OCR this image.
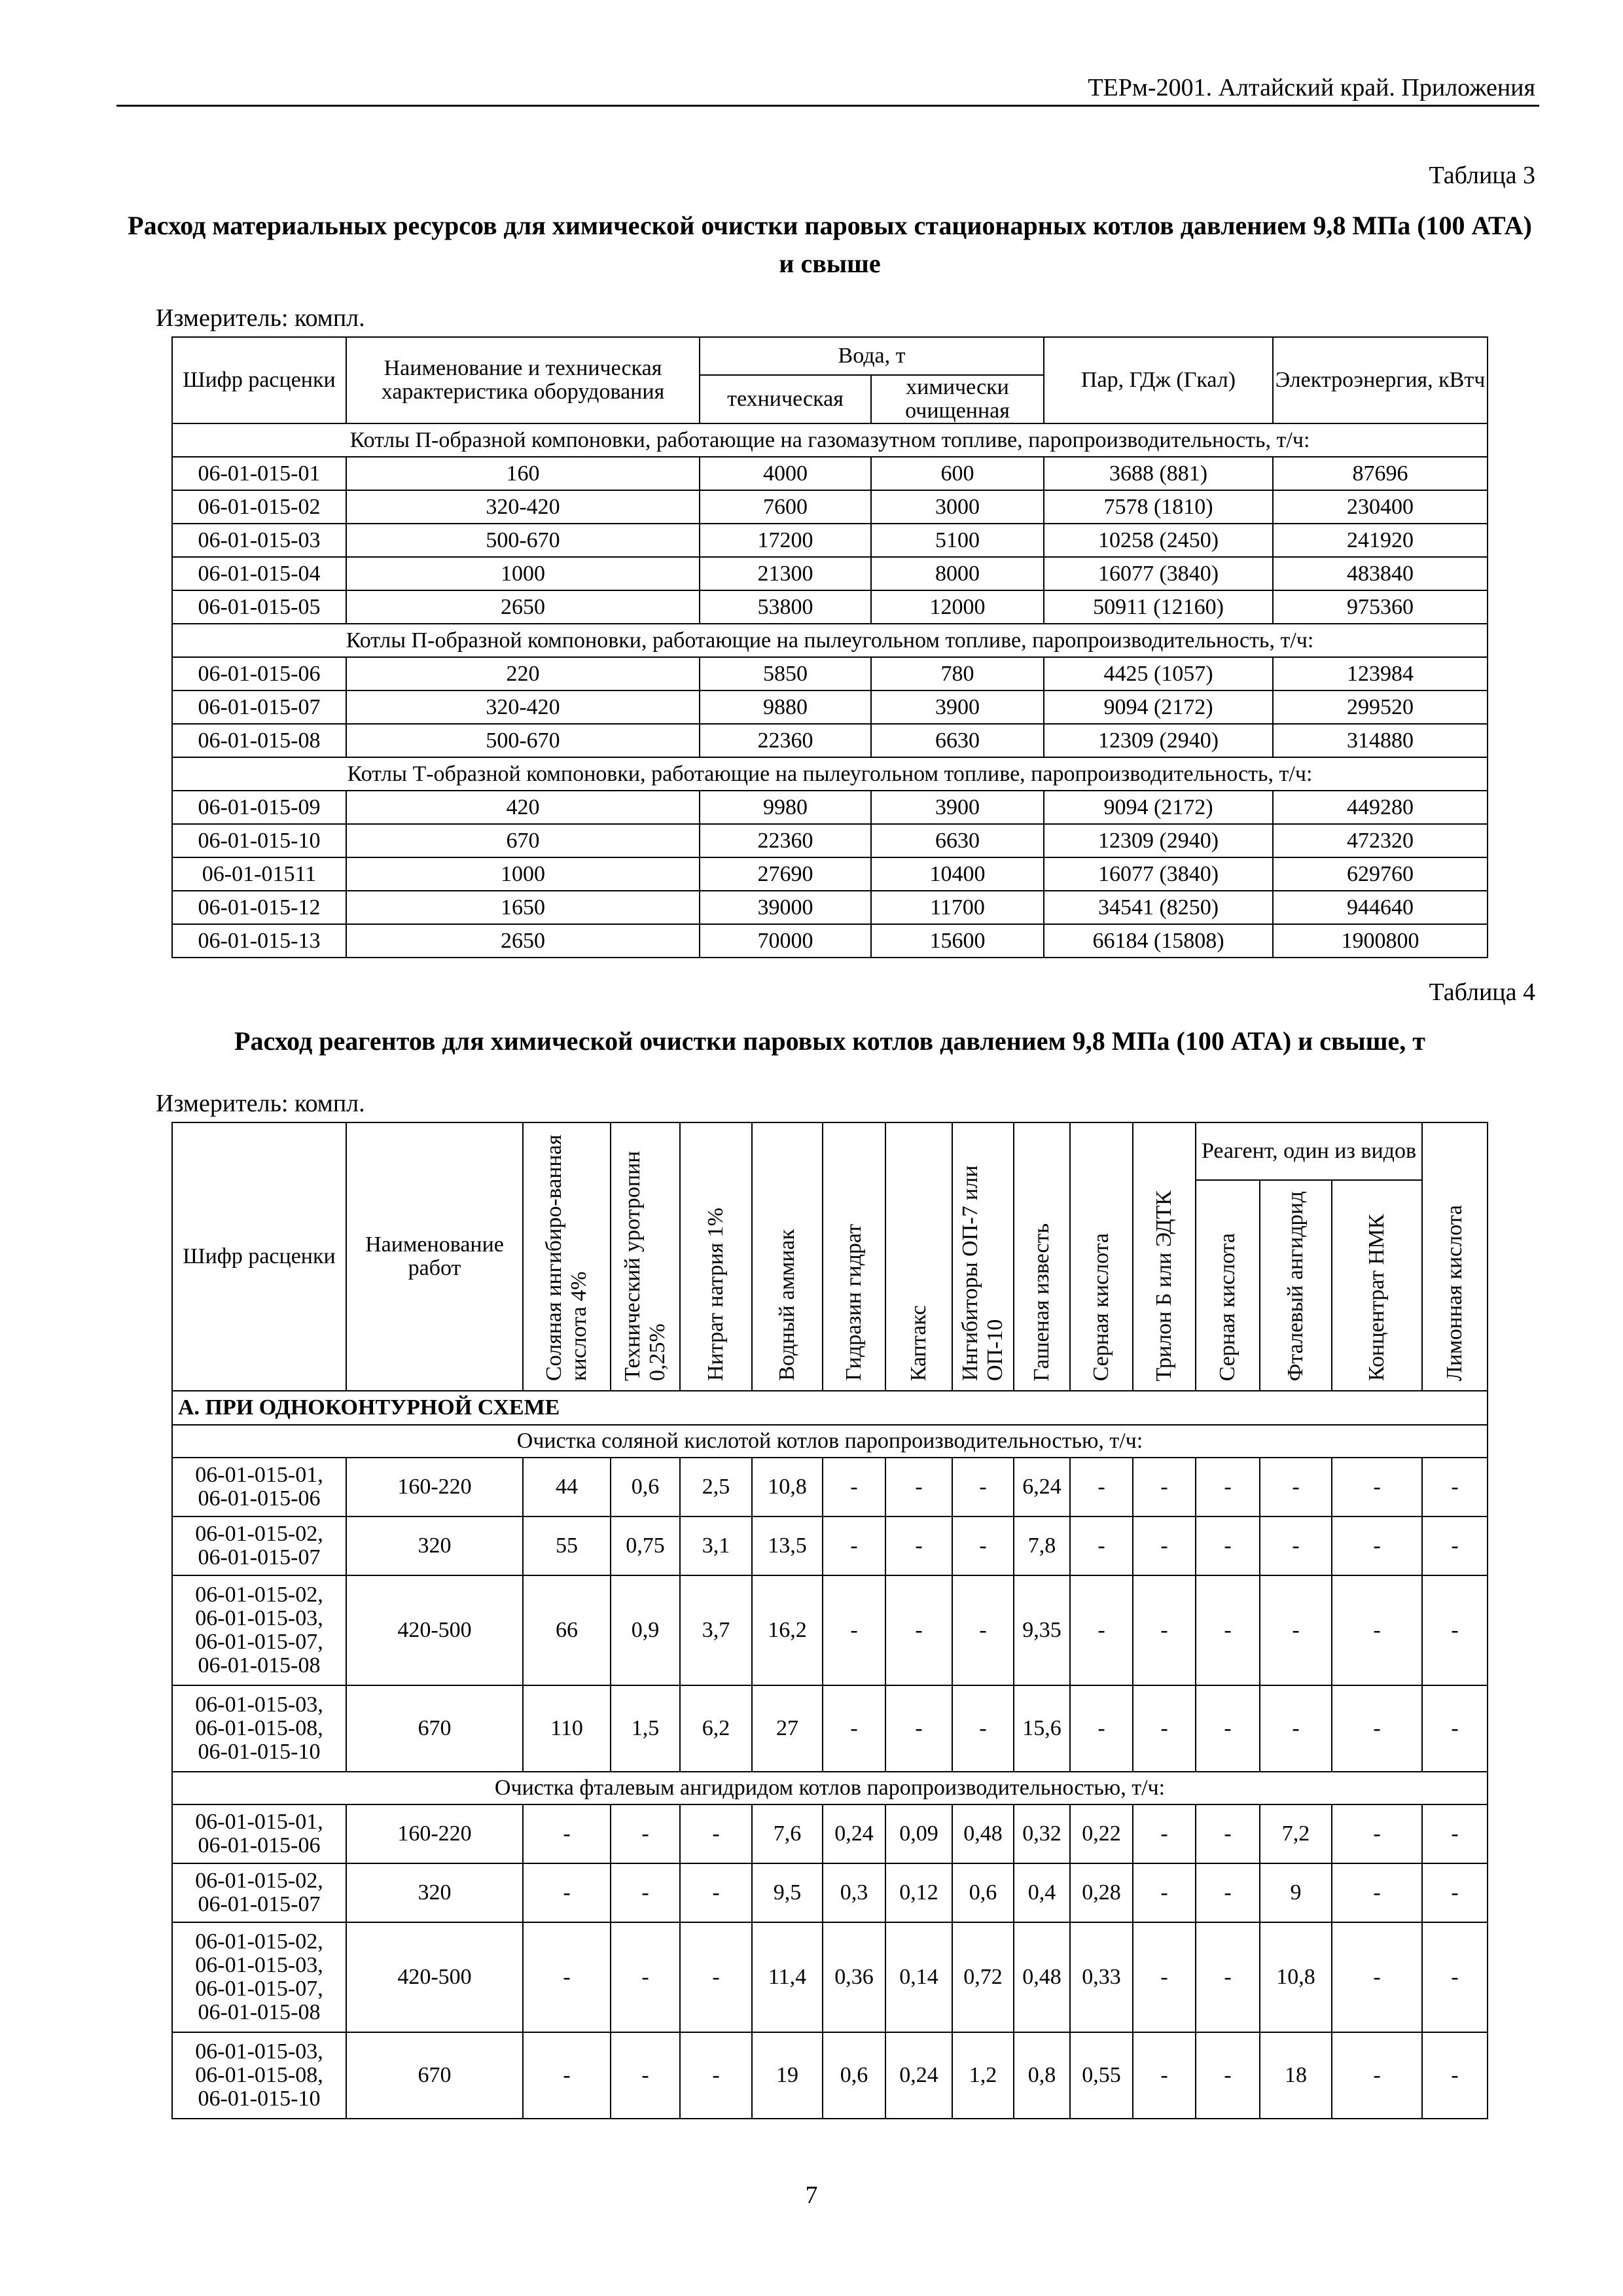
ТЕРм-2001. Алтайский край. Приложения
Таблица 3
Расход материальных ресурсов для химической очистки паровых стационарных котлов давлением 9,8 МПа (100 АТА) и свыше
Измеритель: компл.
Шифр расценки	Наименование и техническая характеристика оборудования	Вода, т		Пар, ГДж (Гкал)	Электроэнергия, кВтч
		техническая	химически очищенная		
Котлы П-образной компоновки, работающие на газомазутном топливе, паропроизводительность, т/ч:					
06-01-015-01	160	4000	600	3688 (881)	87696
06-01-015-02	320-420	7600	3000	7578 (1810)	230400
06-01-015-03	500-670	17200	5100	10258 (2450)	241920
06-01-015-04	1000	21300	8000	16077 (3840)	483840
06-01-015-05	2650	53800	12000	50911 (12160)	975360
Котлы П-образной компоновки, работающие на пылеугольном топливе, паропроизводительность, т/ч:					
06-01-015-06	220	5850	780	4425 (1057)	123984
06-01-015-07	320-420	9880	3900	9094 (2172)	299520
06-01-015-08	500-670	22360	6630	12309 (2940)	314880
Котлы Т-образной компоновки, работающие на пылеугольном топливе, паропроизводительность, т/ч:					
06-01-015-09	420	9980	3900	9094 (2172)	449280
06-01-015-10	670	22360	6630	12309 (2940)	472320
06-01-01511	1000	27690	10400	16077 (3840)	629760
06-01-015-12	1650	39000	11700	34541 (8250)	944640
06-01-015-13	2650	70000	15600	66184 (15808)	1900800
Таблица 4
Расход реагентов для химической очистки паровых котлов давлением 9,8 МПа (100 АТА) и свыше, т
Измеритель: компл.
Шифр расценки	Наименование работ	Соляная ингибиро-ванная кислота 4%	Технический уротропин 0,25%	Нитрат натрия 1%	Водный аммиак	Гидразин гидрат	Каптакс	Ингибиторы ОП-7 или ОП-10	Гашеная известь	Серная кислота	Трилон Б или ЭДТК	Реагент, один из видов			Лимонная кислота

												Серная кислота	Фталевый ангидрид	Концентрат НМК	

А. ПРИ ОДНОКОНТУРНОЙ СХЕМЕ															
Очистка соляной кислотой котлов паропроизводительностью, т/ч:															

06-01-015-01,
06-01-015-06	160-220	44	0,6	2,5	10,8	-	-	-	6,24	-	-	-	-	-	-

06-01-015-02,
06-01-015-07	320	55	0,75	3,1	13,5	-	-	-	7,8	-	-	-	-	-	-

06-01-015-02,
06-01-015-03,
06-01-015-07,
06-01-015-08	420-500	66	0,9	3,7	16,2	-	-	-	9,35	-	-	-	-	-	-

06-01-015-03,
06-01-015-08,
06-01-015-10	670	110	1,5	6,2	27	-	-	-	15,6	-	-	-	-	-	-
Очистка фталевым ангидридом котлов паропроизводительностью, т/ч:															

06-01-015-01,
06-01-015-06	160-220	-	-	-	7,6	0,24	0,09	0,48	0,32	0,22	-	-	7,2	-	-

06-01-015-02,
06-01-015-07	320	-	-	-	9,5	0,3	0,12	0,6	0,4	0,28	-	-	9	-	-

06-01-015-02,
06-01-015-03,
06-01-015-07,
06-01-015-08	420-500	-	-	-	11,4	0,36	0,14	0,72	0,48	0,33	-	-	10,8	-	-

06-01-015-03,
06-01-015-08,
06-01-015-10	670	-	-	-	19	0,6	0,24	1,2	0,8	0,55	-	-	18	-	-
7
